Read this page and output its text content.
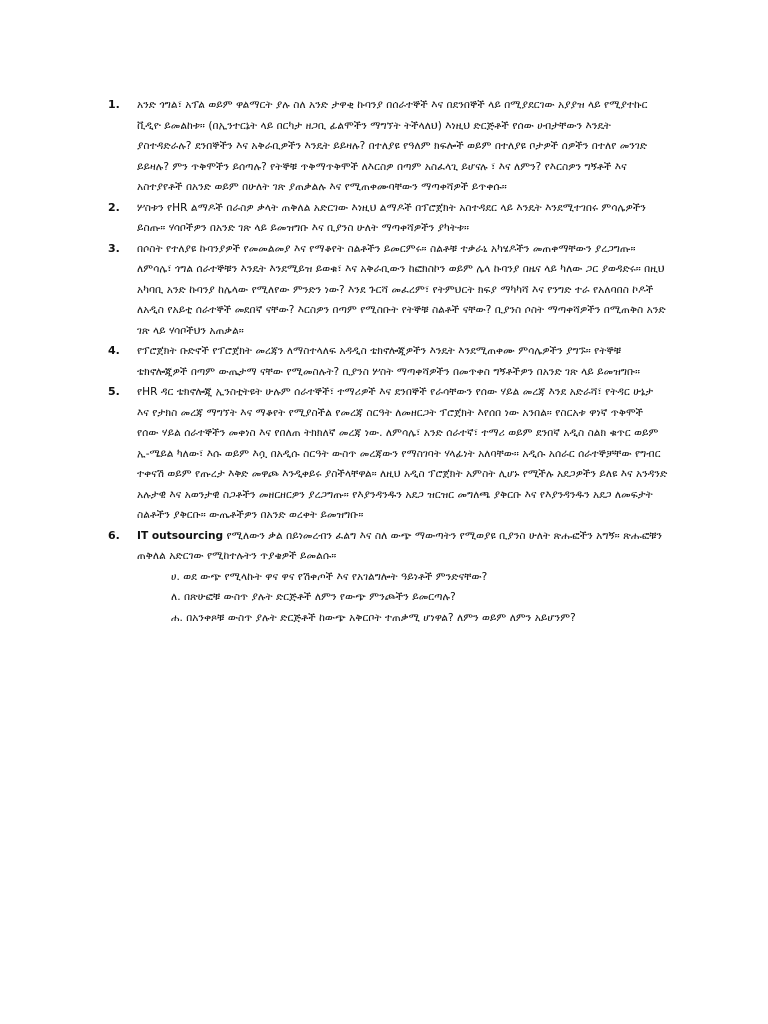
1. አንድ ጎግል፣ አፕል ወይም ዋልማርት ያሉ ስለ አንድ ታዋቂ ኩባንያ በሰራተኞች እና በደንበኞች ላይ በሚያደርገው አያያዝ ላይ የሚያተኩር ቪዲዮ ይመልከቱ። (በኢንተርኔት ላይ በርካታ ዘጋቢ ፊልሞችን ማግኘት ትችላለህ) እነዚህ ድርጅቶች የሰው ሀብታቸውን እንዴት ያስተዳድራሉ? ደንበኞችን እና አቅራቢዎችን እንዴት ይይዛሉ? በተለያዩ የዓለም ክፍሎች ወይም በተለያዩ ቦታዎች ሰዎችን በተለየ መንገድ ይይዛሉ? ምን ጥቅሞችን ይሰጣሉ? የትኞቹ ጥቅማጥቅሞች ለእርስዎ በጣም አስፈላጊ ይሆናሉ ፣ እና ለምን? የእርስዎን ግኝቶች እና አስተያየቶች በአንድ ወይም በሁለት ገጽ ያጠቃልሉ እና የሚጠቀሙባቸውን ማጣቀሻዎች ይጥቀሱ።
2. ሦስቱን የHR ልማዶች በራስዎ ቃላት ጠቅለል አድርገው እነዚህ ልማዶች በፕሮጀክት አስተዳደር ላይ እንዴት እንደሚተገበሩ ምሳሌዎችን ይስጡ። ሃሳቦችዎን በአንድ ገጽ ላይ ይመዝግቡ እና ቢያንስ ሁለት ማጣቀሻዎችን ያካትቱ።
3. በሶስት የተለያዩ ኩባንያዎች የመመልመያ እና የማቆየት ስልቶችን ይመርምሩ። ስልቶቹ ተቃራኒ አካሄዶችን መጠቀማቸውን ያረጋግጡ። ለምሳሌ፣ ጎግል ሰራተኞቹን እንዴት እንደሚይዝ ይወቁ፣ እና አቅራቢውን ከፎክስኮን ወይም ሌላ ኩባንያ በዜና ላይ ካለው ጋር ያወዳድሩ። በዚህ አካባቢ አንድ ኩባንያ ከሌላው የሚለየው ምንድን ነው? እንደ ጉርሻ መፈረም፣ የትምህርት ክፍያ ማካካሻ እና የንግድ ተራ የአለባበስ ኮዶች ለአዲስ የአይቲ ሰራተኞች መደበኛ ናቸው? እርስዎን በጣም የሚስቡት የትኞቹ ስልቶች ናቸው? ቢያንስ ሶስት ማጣቀሻዎችን በሚጠቅስ አንድ ገጽ ላይ ሃሳቦችህን አጠቃል።
4. የፕሮጀክት ቡድኖች የፕሮጀክት መረጃን ለማስተላለፍ አዳዲስ ቴክኖሎጂዎችን እንዴት እንደሚጠቀሙ ምሳሌዎችን ያግኙ። የትኞቹ ቴክኖሎጂዎች በጣም ውጤታማ ናቸው የሚመስሉት? ቢያንስ ሦስት ማጣቀሻዎችን በመጥቀስ ግኝቶችዎን በአንድ ገጽ ላይ ይመዝግቡ።
5. የHR ዳር ቴክኖሎጂ ኢንስቲትዩት ሁሉም ሰራተኞች፣ ተማሪዎች እና ደንበኞች የራሳቸውን የሰው ሃይል መረጃ እንደ አድራሻ፣ የትዳር ሁኔታ እና የታክስ መረጃ ማግኘት እና ማቆየት የሚያስችል የመረጃ ስርዓት ለመዘርጋት ፕሮጀክት እየሰበ ነው አንበል። የስርአቱ ዋነኛ ጥቅሞች የሰው ሃይል ሰራተኞችን መቀነስ እና የበለጠ ትክክለኛ መረጃ ነው. ለምሳሌ፣ አንድ ሰራተኛ፣ ተማሪ ወይም ደንበኛ አዲስ ስልክ ቁጥር ወይም ኢ-ሜይል ካለው፣ እሱ ወይም እሷ በአዲሱ ስርዓት ውስጥ መረጃውን የማስገባት ሃላፊነት አለባቸው። አዲሱ አሰራር ሰራተኞቻቸው የግብር ተቀናሽ ወይም የጡረታ እቅድ መዋጮ እንዲቀይሩ ያስችላቸዋል። ለዚህ አዲስ ፕሮጀክት አምስት ሊሆኑ የሚችሉ አደጋዎችን ይለዩ እና አንዳንድ አሉታዊ እና አወንታዊ ስጋቶችን መዘርዘርዎን ያረጋግጡ። የእያንዳንዱን አደጋ ዝርዝር መግለጫ ያቅርቡ እና የእያንዳንዱን አደጋ ለመፍታት ስልቶችን ያቅርቡ። ውጤቶችዎን በአንድ ወረቀት ይመዝግቡ።
6. IT outsourcing የሚለውን ቃል በይነመረብን ፈልግ እና ስለ ውጭ ማውጣትን የሚወያዩ ቢያንስ ሁለት ጽሑፎችን አግኝ። ጽሑፎቹን ጠቅለል አድርገው የሚከተሉትን ጥያቄዎች ይመልሱ።
ሀ. ወደ ውጭ የሚላኩት ዋና ዋና የሽቀጦች እና የአገልግሎት ዓይነቶች ምንድናቸው?
ለ. በጽሁፎቹ ውስጥ ያሉት ድርጅቶች ለምን የውጭ ምንጮችን ይመርጣሉ?
ሐ. በአንቀጾቹ ውስጥ ያሉት ድርጅቶች ከውጭ አቅርቦት ተጠቃሚ ሆነዋል? ለምን ወይም ለምን አይሆንም?
